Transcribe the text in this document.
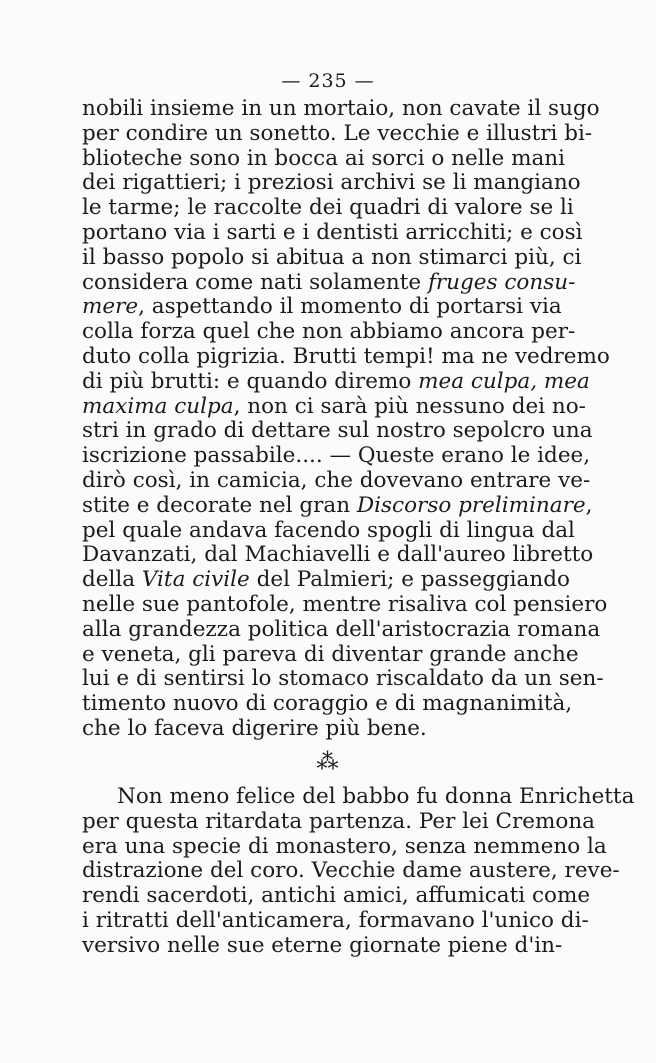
— 235 —
nobili insieme in un mortaio, non cavate il sugo
per condire un sonetto. Le vecchie e illustri bi-
blioteche sono in bocca ai sorci o nelle mani
dei rigattieri; i preziosi archivi se li mangiano
le tarme; le raccolte dei quadri di valore se li
portano via i sarti e i dentisti arricchiti; e così
il basso popolo si abitua a non stimarci più, ci
considera come nati solamente fruges consu-
mere, aspettando il momento di portarsi via
colla forza quel che non abbiamo ancora per-
duto colla pigrizia. Brutti tempi! ma ne vedremo
di più brutti: e quando diremo mea culpa, mea
maxima culpa, non ci sarà più nessuno dei no-
stri in grado di dettare sul nostro sepolcro una
iscrizione passabile.... — Queste erano le idee,
dirò così, in camicia, che dovevano entrare ve-
stite e decorate nel gran Discorso preliminare,
pel quale andava facendo spogli di lingua dal
Davanzati, dal Machiavelli e dall'aureo libretto
della Vita civile del Palmieri; e passeggiando
nelle sue pantofole, mentre risaliva col pensiero
alla grandezza politica dell'aristocrazia romana
e veneta, gli pareva di diventar grande anche
lui e di sentirsi lo stomaco riscaldato da un sen-
timento nuovo di coraggio e di magnanimità,
che lo faceva digerire più bene.
⁂
Non meno felice del babbo fu donna Enrichetta
per questa ritardata partenza. Per lei Cremona
era una specie di monastero, senza nemmeno la
distrazione del coro. Vecchie dame austere, reve-
rendi sacerdoti, antichi amici, affumicati come
i ritratti dell'anticamera, formavano l'unico di-
versivo nelle sue eterne giornate piene d'in-
